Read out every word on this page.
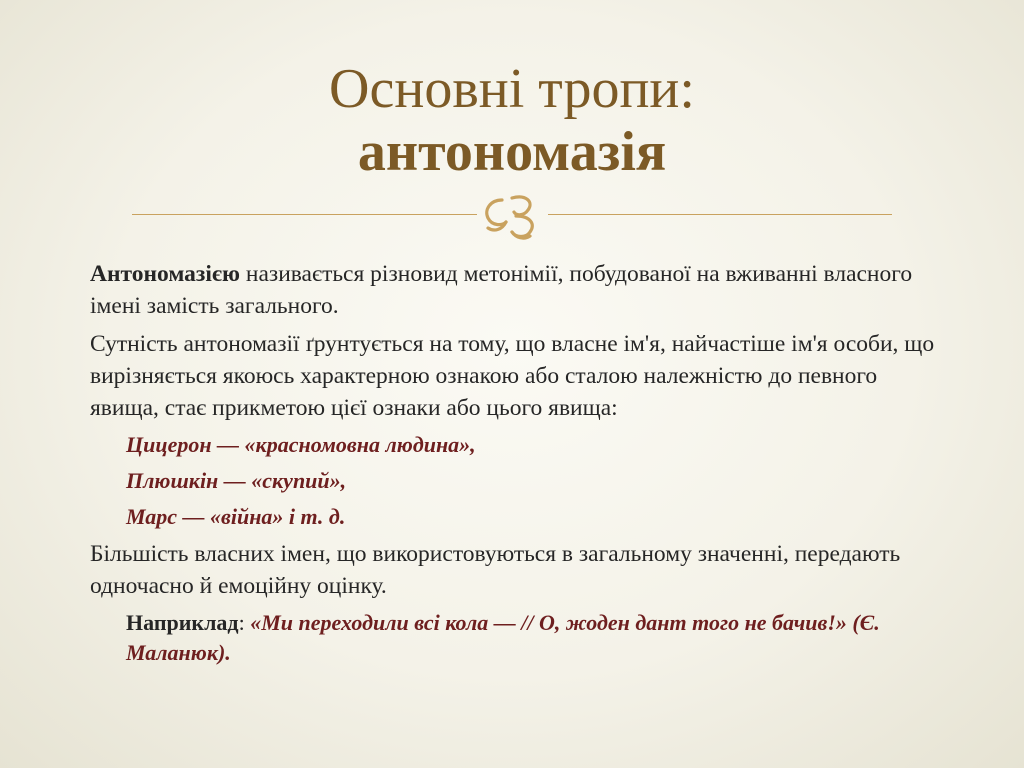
Основні тропи:
антономазія

Антономазією називається різновид метонімії, побудованої на вживанні власного імені замість загального.

Сутність антономазії ґрунтується на тому, що власне ім'я, найчастіше ім'я особи, що вирізняється якоюсь характерною ознакою або сталою належністю до певного явища, стає прикметою цієї ознаки або цього явища:

Цицерон — «красномовна людина»,
Плюшкін — «скупий»,
Марс — «війна» і т. д.

Більшість власних імен, що використовуються в загальному значенні, передають одночасно й емоційну оцінку.

Наприклад: «Ми переходили всі кола — // О, жоден дант того не бачив!» (Є. Маланюк).
